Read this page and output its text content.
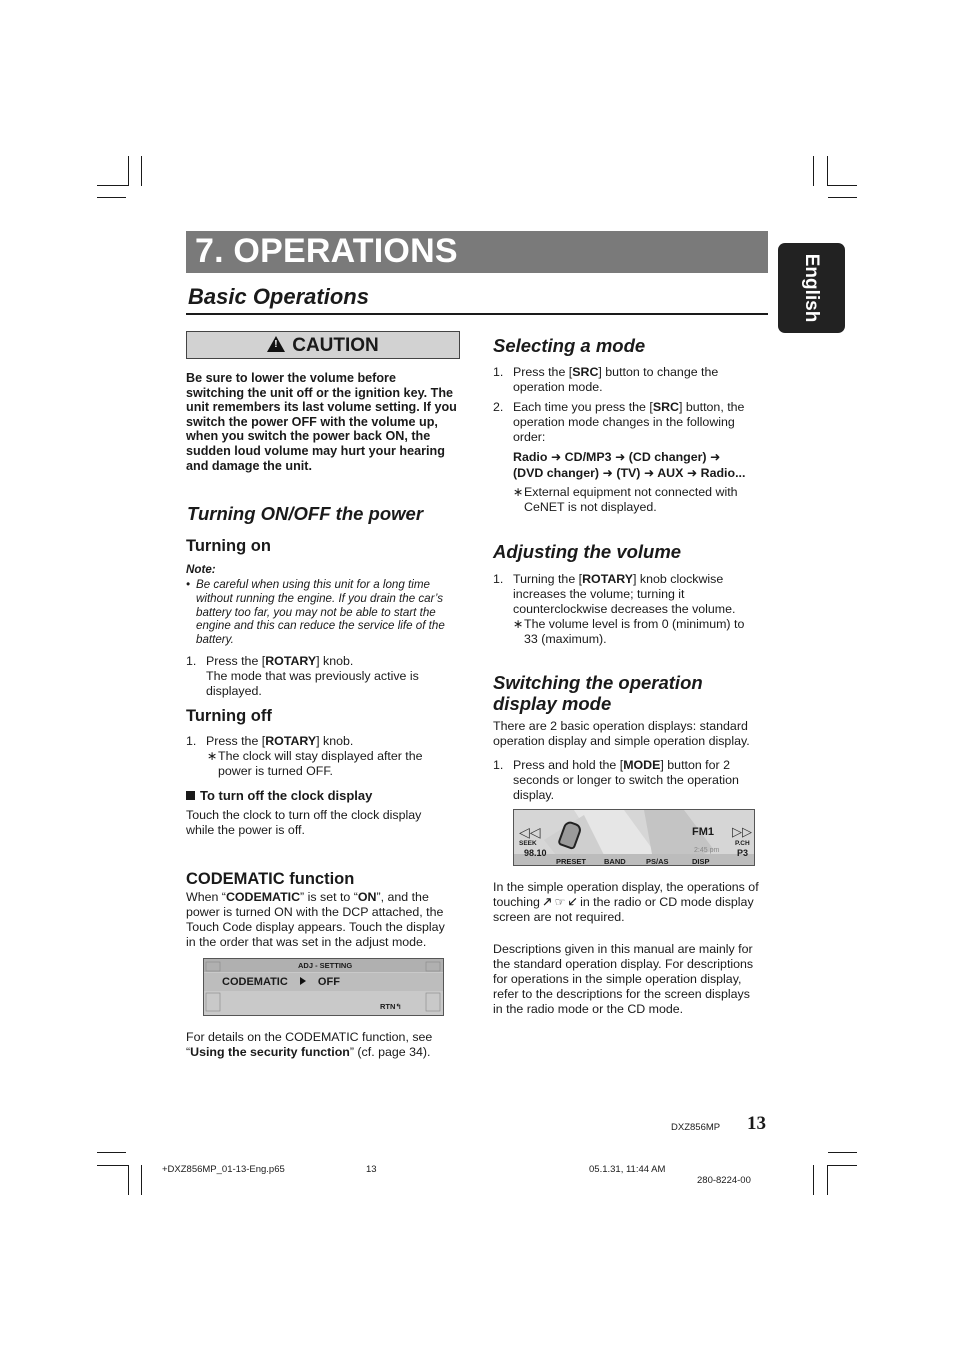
7. OPERATIONS
English
Basic Operations
! CAUTION
Be sure to lower the volume before
switching the unit off or the ignition key. The
unit remembers its last volume setting. If you
switch the power OFF with the volume up,
when you switch the power back ON, the
sudden loud volume may hurt your hearing
and damage the unit.
Turning ON/OFF the power
Turning on
Note:
• Be careful when using this unit for a long time
without running the engine. If you drain the car’s
battery too far, you may not be able to start the
engine and this can reduce the service life of the
battery.
1. Press the [ROTARY] knob.
The mode that was previously active is
displayed.
Turning off
1. Press the [ROTARY] knob.
∗ The clock will stay displayed after the
power is turned OFF.
To turn off the clock display
Touch the clock to turn off the clock display
while the power is off.
CODEMATIC function
When “CODEMATIC” is set to “ON”, and the
power is turned ON with the DCP attached, the
Touch Code display appears. Touch the display
in the order that was set in the adjust mode.
ADJ - SETTING
CODEMATIC	OFF
RTN↰
For details on the CODEMATIC function, see
“Using the security function” (cf. page 34).
Selecting a mode
1. Press the [SRC] button to change the
operation mode.
2. Each time you press the [SRC] button, the
operation mode changes in the following
order:
Radio ➜ CD/MP3 ➜ (CD changer) ➜
(DVD changer) ➜ (TV) ➜ AUX ➜ Radio...
∗ External equipment not connected with
CeNET is not displayed.
Adjusting the volume
1. Turning the [ROTARY] knob clockwise
increases the volume; turning it
counterclockwise decreases the volume.
∗ The volume level is from 0 (minimum) to
33 (maximum).
Switching the operation
display mode
There are 2 basic operation displays: standard
operation display and simple operation display.
1. Press and hold the [MODE] button for 2
seconds or longer to switch the operation
display.
◁◁	FM1 ▷▷
SEEK
98.10
P.CH
P3
2:45 pm
PRESET BAND	PS/AS	DISP
In the simple operation display, the operations of
touching 🡕 ☞ 🡗 in the radio or CD mode display
screen are not required.
Descriptions given in this manual are mainly for
the standard operation display. For descriptions
for operations in the simple operation display,
refer to the descriptions for the screen displays
in the radio mode or the CD mode.
DXZ856MP 13
+DXZ856MP_01-13-Eng.p65	13	05.1.31, 11:44 AM
280-8224-00
